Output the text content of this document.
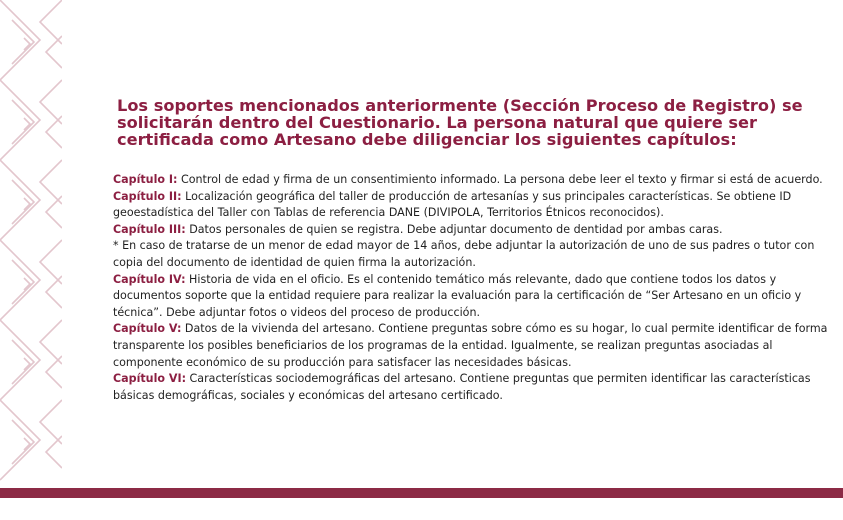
Los soportes mencionados anteriormente (Sección Proceso de Registro) se solicitarán dentro del Cuestionario. La persona natural que quiere ser certificada como Artesano debe diligenciar los siguientes capítulos:

Capítulo I: Control de edad y firma de un consentimiento informado. La persona debe leer el texto y firmar si está de acuerdo.

Capítulo II: Localización geográfica del taller de producción de artesanías y sus principales características. Se obtiene ID geoestadística del Taller con Tablas de referencia DANE (DIVIPOLA, Territorios Étnicos reconocidos).

Capítulo III: Datos personales de quien se registra. Debe adjuntar documento de dentidad por ambas caras.

* En caso de tratarse de un menor de edad mayor de 14 años, debe adjuntar la autorización de uno de sus padres o tutor con copia del documento de identidad de quien firma la autorización.

Capítulo IV: Historia de vida en el oficio. Es el contenido temático más relevante, dado que contiene todos los datos y documentos soporte que la entidad requiere para realizar la evaluación para la certificación de “Ser Artesano en un oficio y técnica”. Debe adjuntar fotos o videos del proceso de producción.

Capítulo V: Datos de la vivienda del artesano. Contiene preguntas sobre cómo es su hogar, lo cual permite identificar de forma transparente los posibles beneficiarios de los programas de la entidad. Igualmente, se realizan preguntas asociadas al componente económico de su producción para satisfacer las necesidades básicas.

Capítulo VI: Características sociodemográficas del artesano. Contiene preguntas que permiten identificar las características básicas demográficas, sociales y económicas del artesano certificado.
